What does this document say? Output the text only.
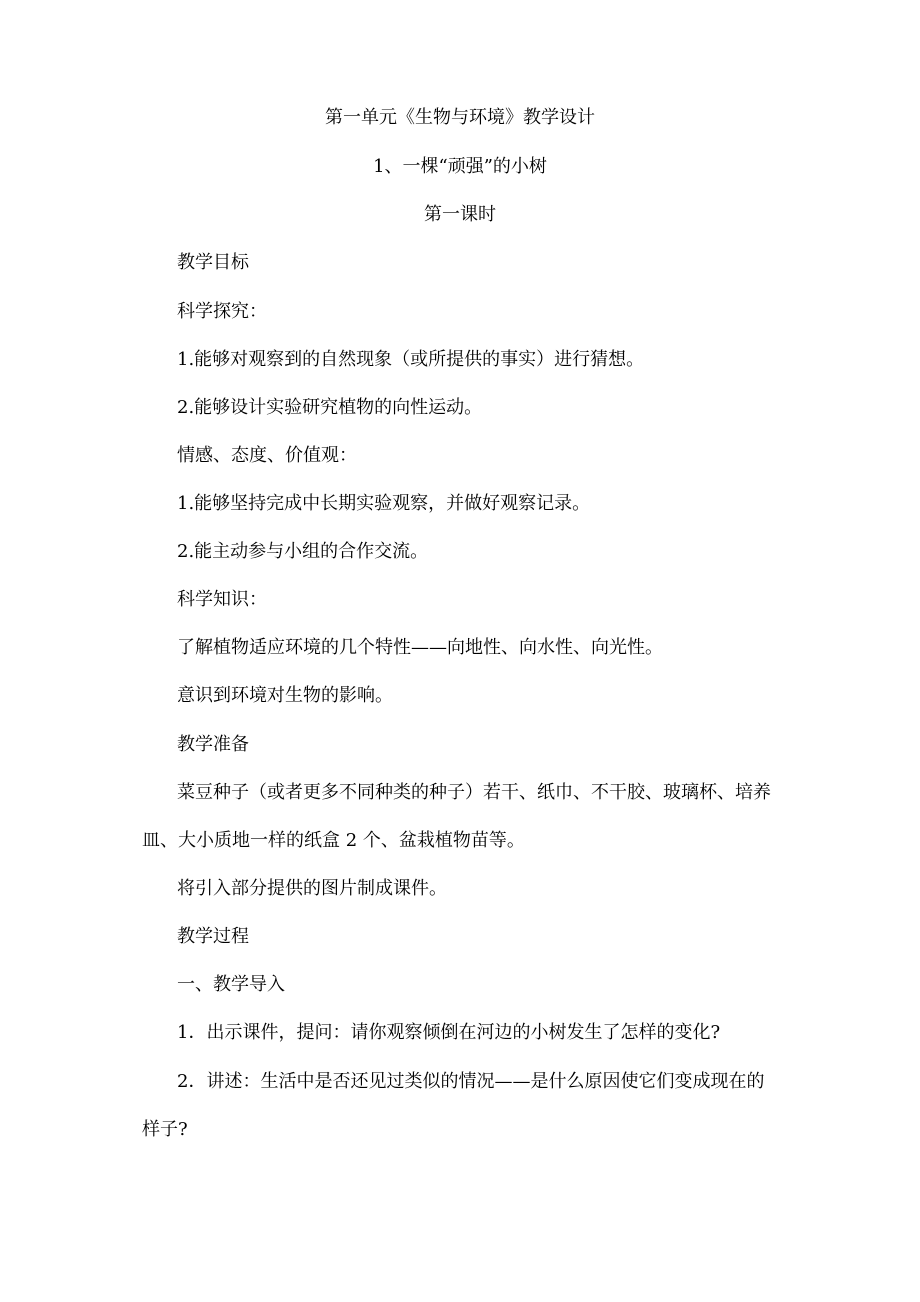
第一单元《生物与环境》教学设计
1、一棵“顽强”的小树
第一课时
教学目标
科学探究：
1.能够对观察到的自然现象（或所提供的事实）进行猜想。
2.能够设计实验研究植物的向性运动。
情感、态度、价值观：
1.能够坚持完成中长期实验观察，并做好观察记录。
2.能主动参与小组的合作交流。
科学知识：
了解植物适应环境的几个特性——向地性、向水性、向光性。
意识到环境对生物的影响。
教学准备
菜豆种子（或者更多不同种类的种子）若干、纸巾、不干胶、玻璃杯、培养
皿、大小质地一样的纸盒 2 个、盆栽植物苗等。
将引入部分提供的图片制成课件。
教学过程
一、教学导入
1．出示课件，提问：请你观察倾倒在河边的小树发生了怎样的变化?
2．讲述：生活中是否还见过类似的情况——是什么原因使它们变成现在的
样子?
